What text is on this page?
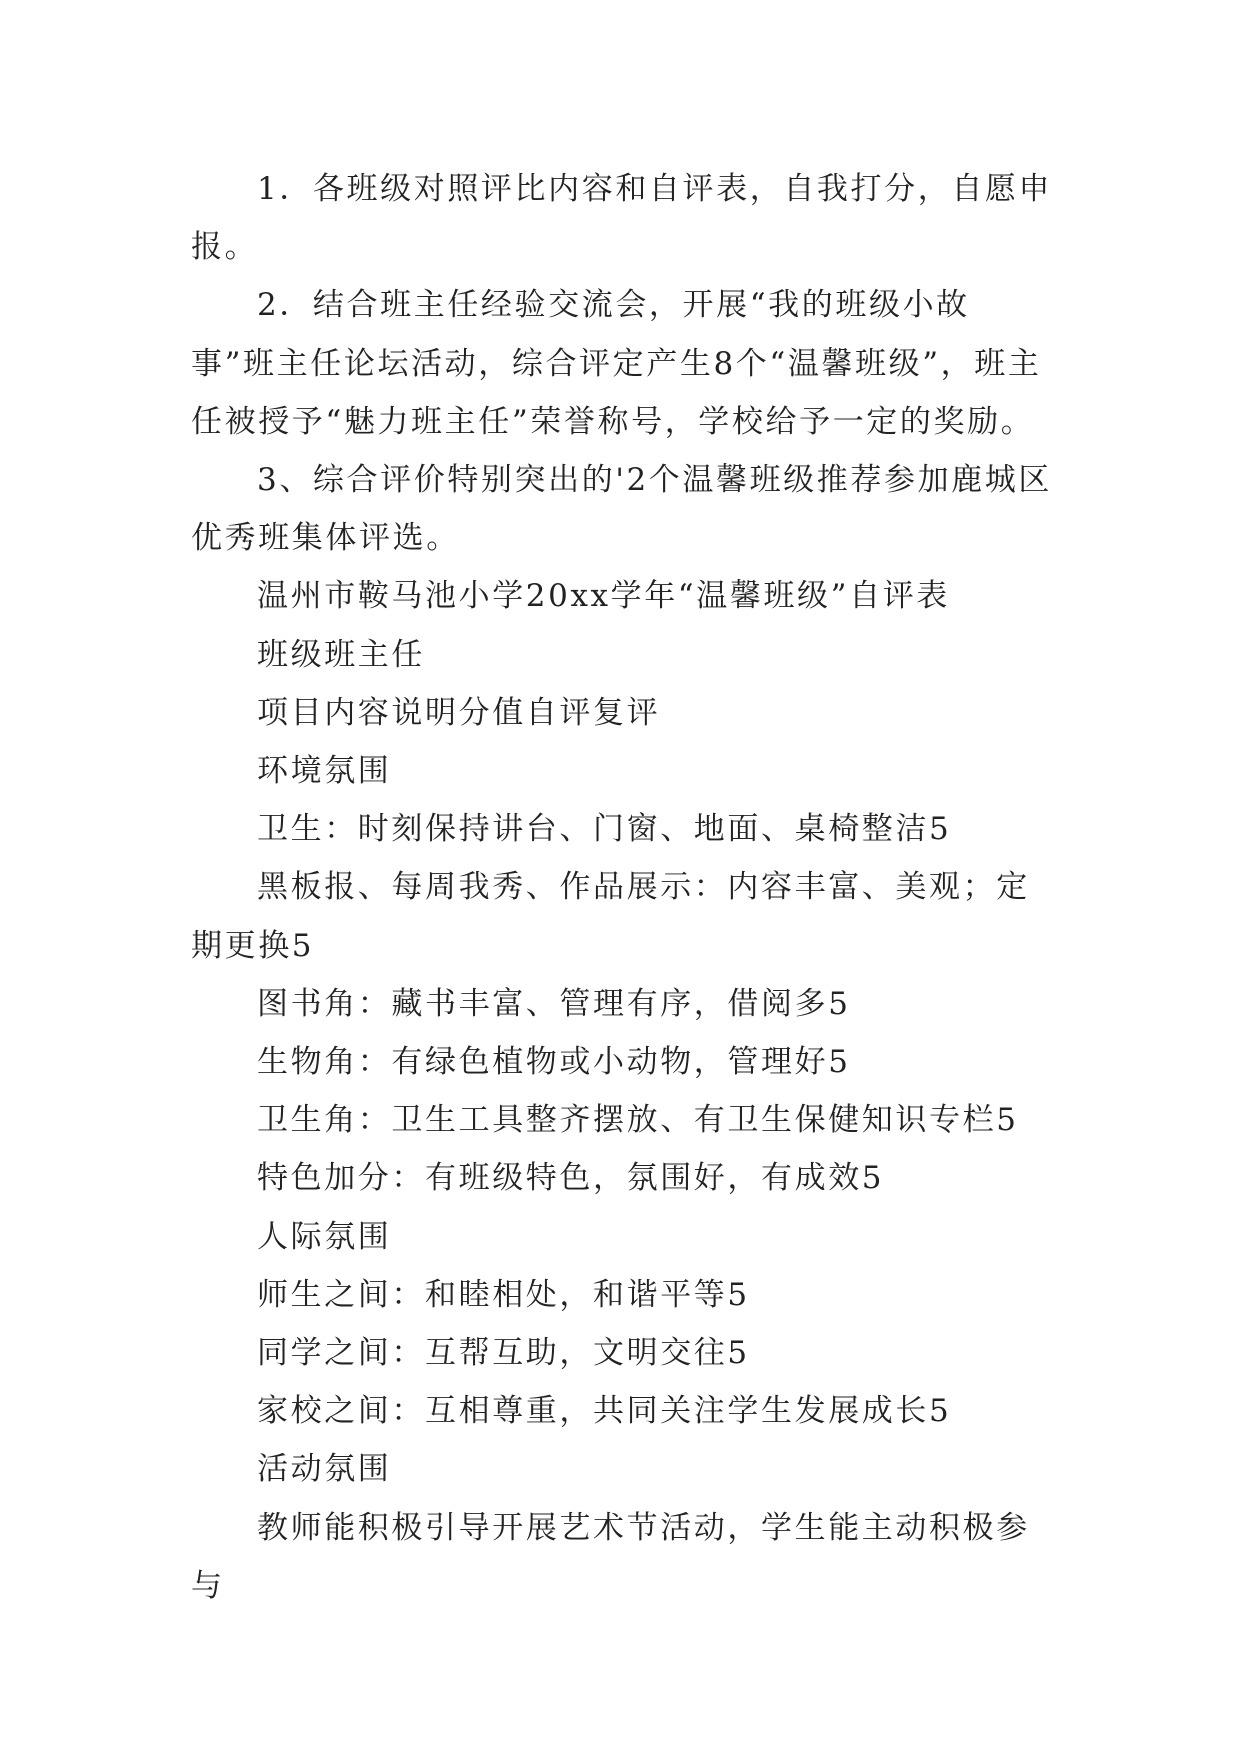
1．各班级对照评比内容和自评表，自我打分，自愿申报。

2．结合班主任经验交流会，开展“我的班级小故事”班主任论坛活动，综合评定产生8个“温馨班级”，班主任被授予“魅力班主任”荣誉称号，学校给予一定的奖励。

3、综合评价特别突出的'2个温馨班级推荐参加鹿城区优秀班集体评选。

温州市鞍马池小学20xx学年“温馨班级”自评表

班级班主任

项目内容说明分值自评复评

环境氛围

卫生：时刻保持讲台、门窗、地面、桌椅整洁5

黑板报、每周我秀、作品展示：内容丰富、美观；定期更换5

图书角：藏书丰富、管理有序，借阅多5

生物角：有绿色植物或小动物，管理好5

卫生角：卫生工具整齐摆放、有卫生保健知识专栏5

特色加分：有班级特色，氛围好，有成效5

人际氛围

师生之间：和睦相处，和谐平等5

同学之间：互帮互助，文明交往5

家校之间：互相尊重，共同关注学生发展成长5

活动氛围

教师能积极引导开展艺术节活动，学生能主动积极参与
